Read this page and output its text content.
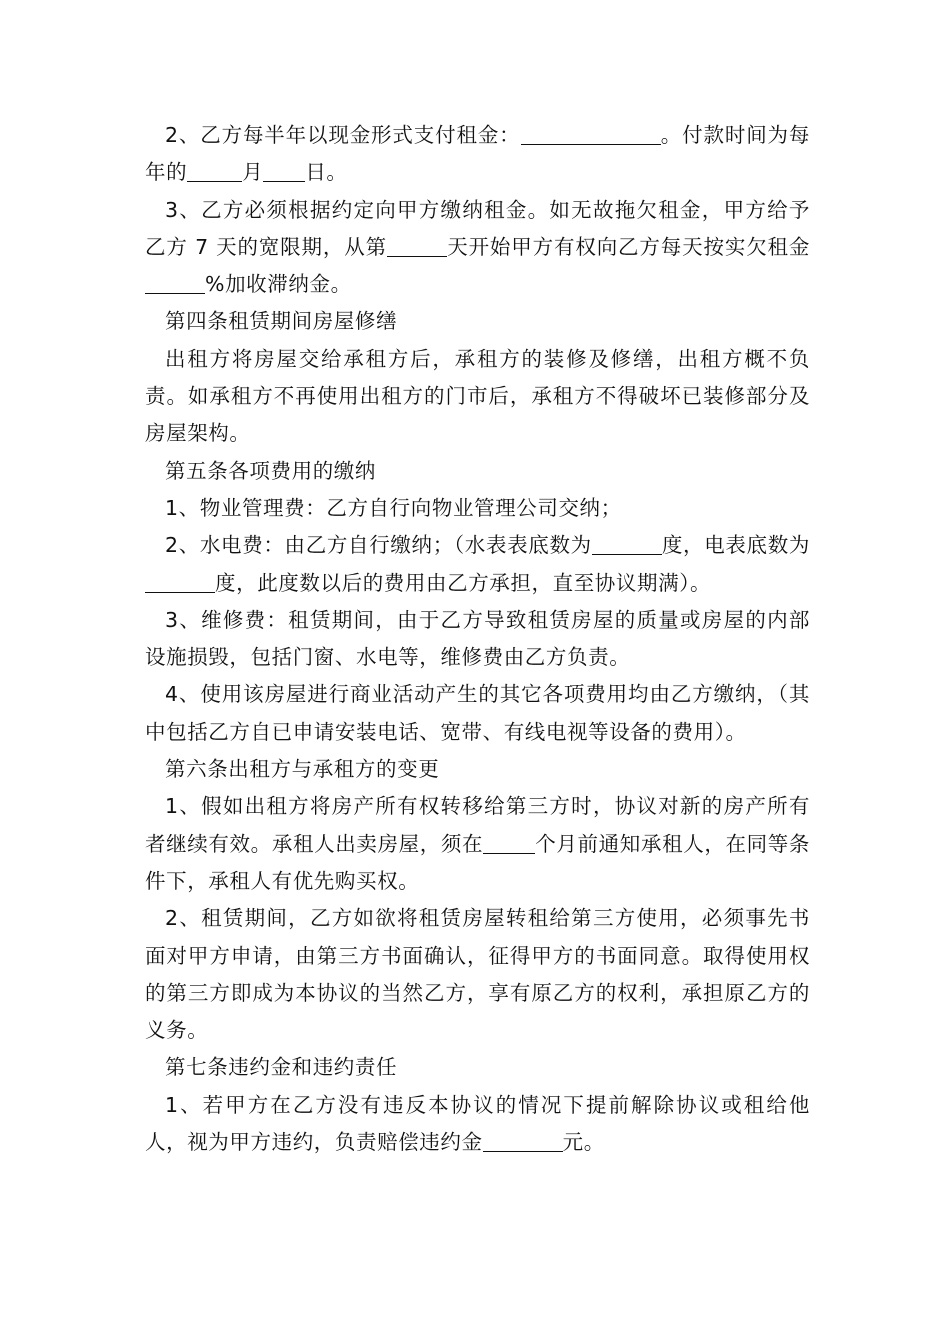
2、乙方每半年以现金形式支付租金：	。付款时间为每年的	月 日。

3、乙方必须根据约定向甲方缴纳租金。如无故拖欠租金，甲方给予乙方 7 天的宽限期，从第	天开始甲方有权向乙方每天按实欠租金%加收滞纳金。

第四条租赁期间房屋修缮

出租方将房屋交给承租方后，承租方的装修及修缮，出租方概不负责。如承租方不再使用出租方的门市后，承租方不得破坏已装修部分及房屋架构。

第五条各项费用的缴纳

1、物业管理费：乙方自行向物业管理公司交纳；

2、水电费：由乙方自行缴纳；（水表表底数为	度，电表底数为度，此度数以后的费用由乙方承担，直至协议期满）。

3、维修费：租赁期间，由于乙方导致租赁房屋的质量或房屋的内部设施损毁，包括门窗、水电等，维修费由乙方负责。

4、使用该房屋进行商业活动产生的其它各项费用均由乙方缴纳，（其中包括乙方自已申请安装电话、宽带、有线电视等设备的费用）。

第六条出租方与承租方的变更

1、假如出租方将房产所有权转移给第三方时，协议对新的房产所有者继续有效。承租人出卖房屋，须在	个月前通知承租人，在同等条件下，承租人有优先购买权。

2、租赁期间，乙方如欲将租赁房屋转租给第三方使用，必须事先书面对甲方申请，由第三方书面确认，征得甲方的书面同意。取得使用权的第三方即成为本协议的当然乙方，享有原乙方的权利，承担原乙方的义务。

第七条违约金和违约责任

1、若甲方在乙方没有违反本协议的情况下提前解除协议或租给他人，视为甲方违约，负责赔偿违约金	元。
